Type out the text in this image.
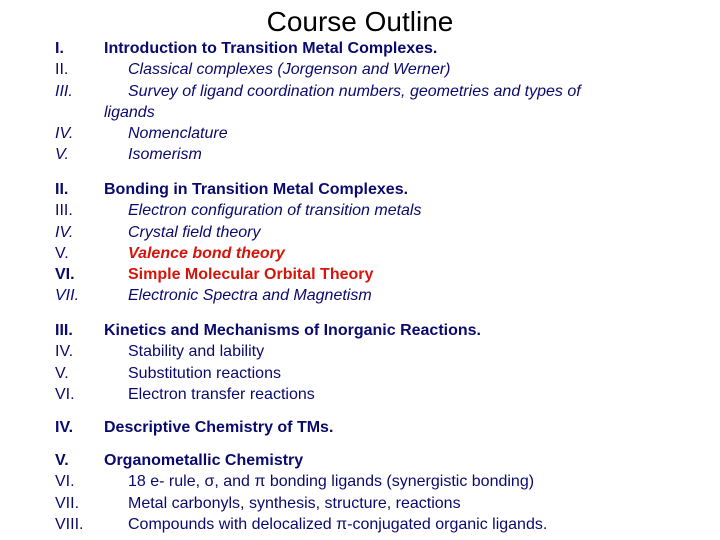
Course Outline
I.	Introduction to Transition Metal Complexes.
II.	Classical complexes (Jorgenson and Werner)
III.	Survey of ligand coordination numbers, geometries and types of
ligands
IV.	Nomenclature
V.	Isomerism
II. Bonding in Transition Metal Complexes.
III.	Electron configuration of transition metals
IV.	Crystal field theory
V.	Valence bond theory
VI.	Simple Molecular Orbital Theory
VII.	Electronic Spectra and Magnetism
III. Kinetics and Mechanisms of Inorganic Reactions.
IV.	Stability and lability
V.	Substitution reactions
VI.	Electron transfer reactions
IV. Descriptive Chemistry of TMs.
V. Organometallic Chemistry
VI.	18 e- rule, σ, and π bonding ligands (synergistic bonding)
VII.	Metal carbonyls, synthesis, structure, reactions
VIII.	Compounds with delocalized π-conjugated organic ligands.
